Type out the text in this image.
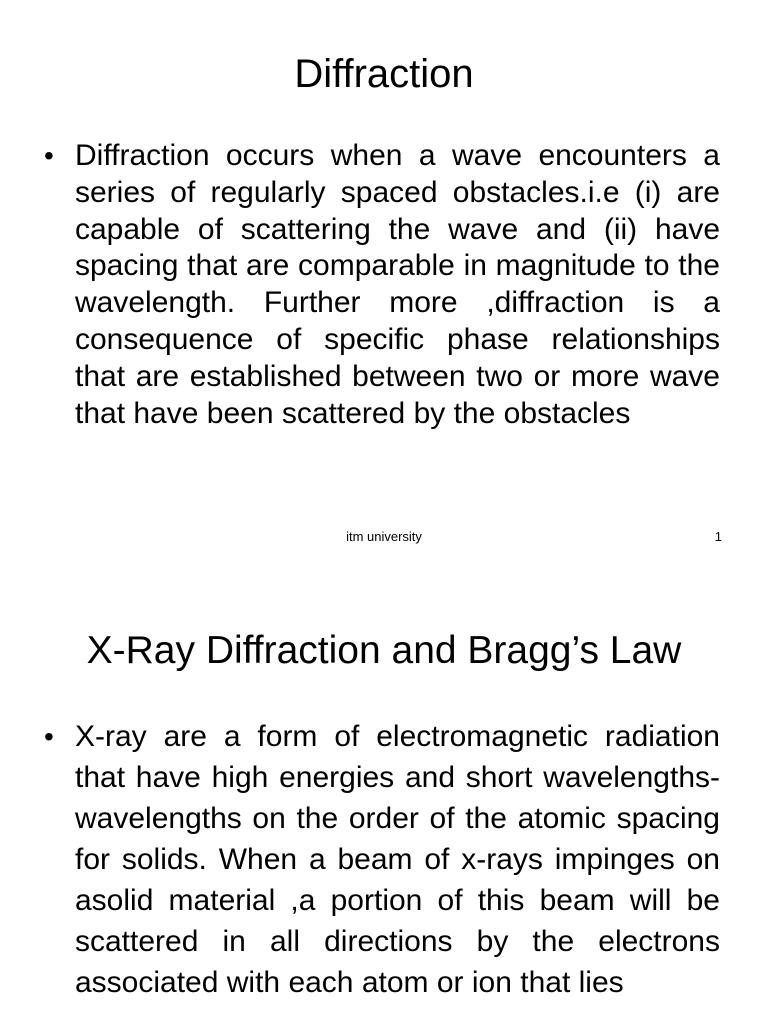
Diffraction
• Diffraction occurs when a wave encounters a series of regularly spaced obstacles.i.e (i) are capable of scattering the wave and (ii) have spacing that are comparable in magnitude to the wavelength. Further more ,diffraction is a consequence of specific phase relationships that are established between two or more wave that have been scattered by the obstacles
itm university	1
X-Ray Diffraction and Bragg’s Law
• X-ray are a form of electromagnetic radiation that have high energies and short wavelengths- wavelengths on the order of the atomic spacing for solids. When a beam of x-rays impinges on asolid material ,a portion of this beam will be scattered in all directions by the electrons associated with each atom or ion that lies
